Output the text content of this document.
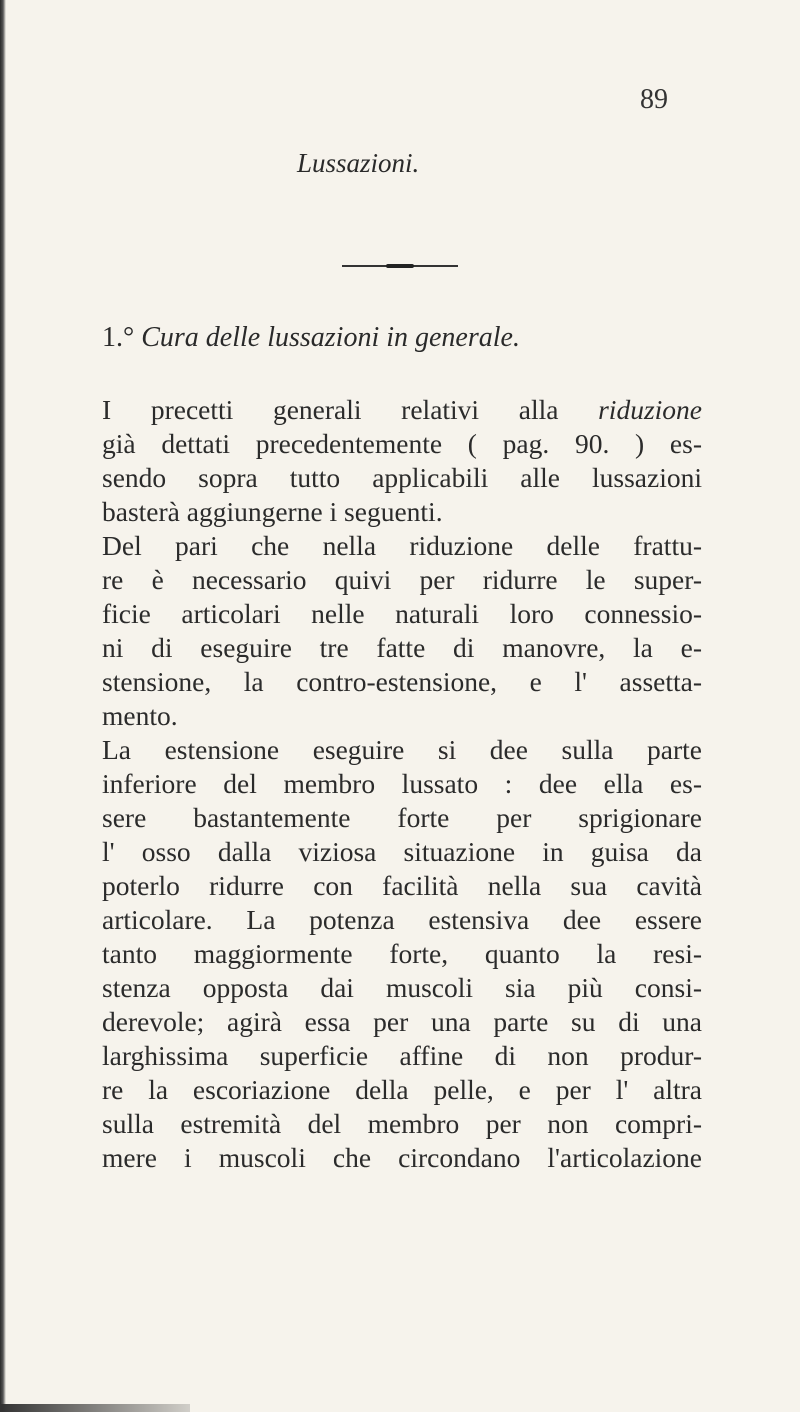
89
Lussazioni.
1.° Cura delle lussazioni in generale.
I precetti generali relativi alla riduzione
già dettati precedentemente ( pag. 90. ) es-
sendo sopra tutto applicabili alle lussazioni
basterà aggiungerne i seguenti.
Del pari che nella riduzione delle frattu-
re è necessario quivi per ridurre le super-
ficie articolari nelle naturali loro connessio-
ni di eseguire tre fatte di manovre, la e-
stensione, la contro-estensione, e l' assetta-
mento.
La estensione eseguire si dee sulla parte
inferiore del membro lussato : dee ella es-
sere bastantemente forte per sprigionare
l' osso dalla viziosa situazione in guisa da
poterlo ridurre con facilità nella sua cavità
articolare. La potenza estensiva dee essere
tanto maggiormente forte, quanto la resi-
stenza opposta dai muscoli sia più consi-
derevole; agirà essa per una parte su di una
larghissima superficie affine di non produr-
re la escoriazione della pelle, e per l' altra
sulla estremità del membro per non compri-
mere i muscoli che circondano l'articolazione
